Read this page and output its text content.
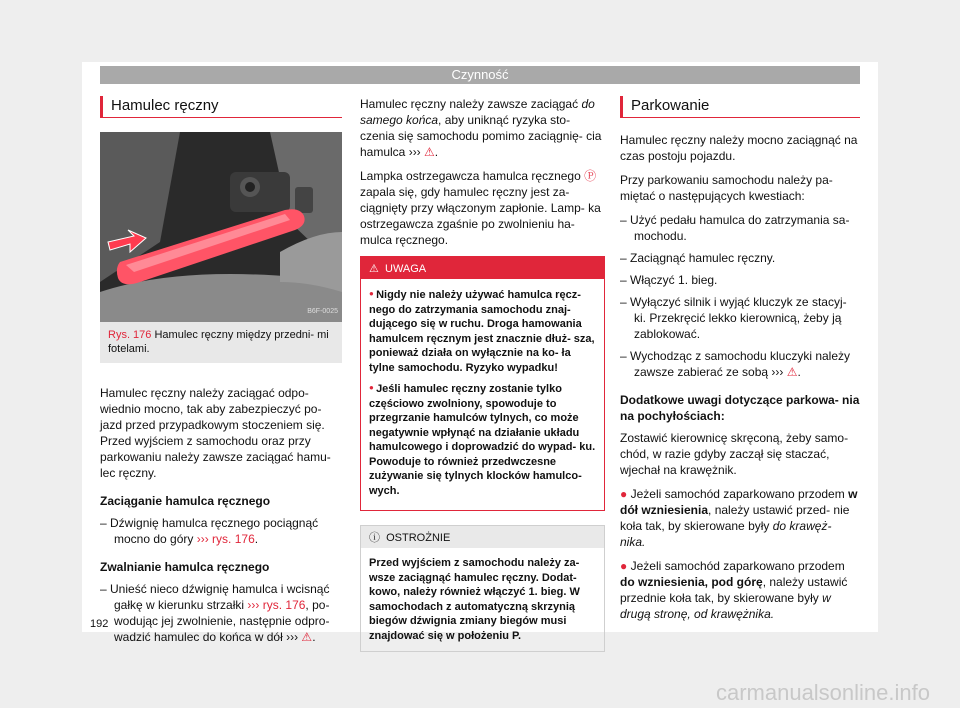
Czynność
Hamulec ręczny
B6F-0025
Rys. 176 Hamulec ręczny między przedni- mi fotelami.

Hamulec ręczny należy zaciągać odpo- wiednio mocno, tak aby zabezpieczyć po- jazd przed przypadkowym stoczeniem się. Przed wyjściem z samochodu oraz przy parkowaniu należy zawsze zaciągać hamu- lec ręczny.

Zaciąganie hamulca ręcznego
– Dźwignię hamulca ręcznego pociągnąć mocno do góry ››› rys. 176.
Zwalnianie hamulca ręcznego
– Unieść nieco dźwignię hamulca i wcisnąć gałkę w kierunku strzałki ››› rys. 176, po- wodując jej zwolnienie, następnie odpro- wadzić hamulec do końca w dół ››› ⚠.

Hamulec ręczny należy zawsze zaciągać do samego końca, aby uniknąć ryzyka sto- czenia się samochodu pomimo zaciągnię- cia hamulca ››› ⚠.

Lampka ostrzegawcza hamulca ręcznego Ⓟ zapala się, gdy hamulec ręczny jest za- ciągnięty przy włączonym zapłonie. Lamp- ka ostrzegawcza zgaśnie po zwolnieniu ha- mulca ręcznego.

⚠ UWAGA
● Nigdy nie należy używać hamulca ręcz- nego do zatrzymania samochodu znaj- dującego się w ruchu. Droga hamowania hamulcem ręcznym jest znacznie dłuż- sza, ponieważ działa on wyłącznie na ko- ła tylne samochodu. Ryzyko wypadku!
● Jeśli hamulec ręczny zostanie tylko częściowo zwolniony, spowoduje to przegrzanie hamulców tylnych, co może negatywnie wpłynąć na działanie układu hamulcowego i doprowadzić do wypad- ku. Powoduje to również przedwczesne zużywanie się tylnych klocków hamulco- wych.
ⓘ OSTROŻNIE
Przed wyjściem z samochodu należy za- wsze zaciągnąć hamulec ręczny. Dodat- kowo, należy również włączyć 1. bieg. W samochodach z automatyczną skrzynią biegów dźwignia zmiany biegów musi znajdować się w położeniu P.
Parkowanie

Hamulec ręczny należy mocno zaciągnąć na czas postoju pojazdu.

Przy parkowaniu samochodu należy pa- miętać o następujących kwestiach:

– Użyć pedału hamulca do zatrzymania sa- mochodu.
– Zaciągnąć hamulec ręczny.
– Włączyć 1. bieg.
– Wyłączyć silnik i wyjąć kluczyk ze stacyj- ki. Przekręcić lekko kierownicą, żeby ją zablokować.
– Wychodząc z samochodu kluczyki należy zawsze zabierać ze sobą ››› ⚠.
Dodatkowe uwagi dotyczące parkowa- nia na pochyłościach:

Zostawić kierownicę skręconą, żeby samo- chód, w razie gdyby zaczął się staczać, wjechał na krawężnik.

● Jeżeli samochód zaparkowano przodem w dół wzniesienia, należy ustawić przed- nie koła tak, by skierowane były do krawęż- nika.

● Jeżeli samochód zaparkowano przodem do wzniesienia, pod górę, należy ustawić przednie koła tak, by skierowane były w drugą stronę, od krawężnika.

192
carmanualsonline.info
